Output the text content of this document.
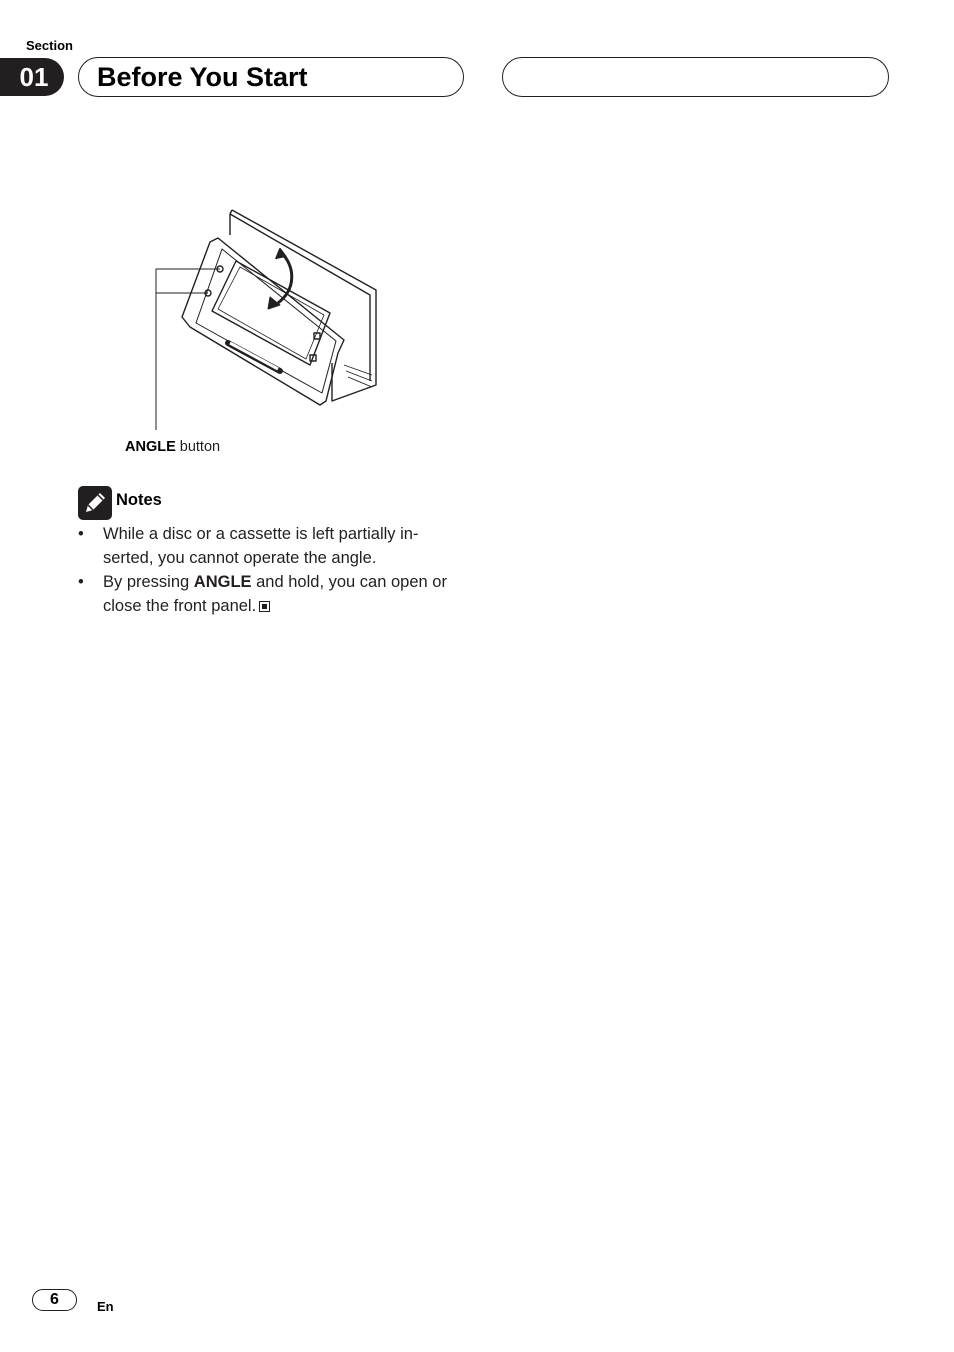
Section
01	Before You Start
ANGLE button
Notes
• While a disc or a cassette is left partially in-serted, you cannot operate the angle.
• By pressing ANGLE and hold, you can open or close the front panel.
6	En
